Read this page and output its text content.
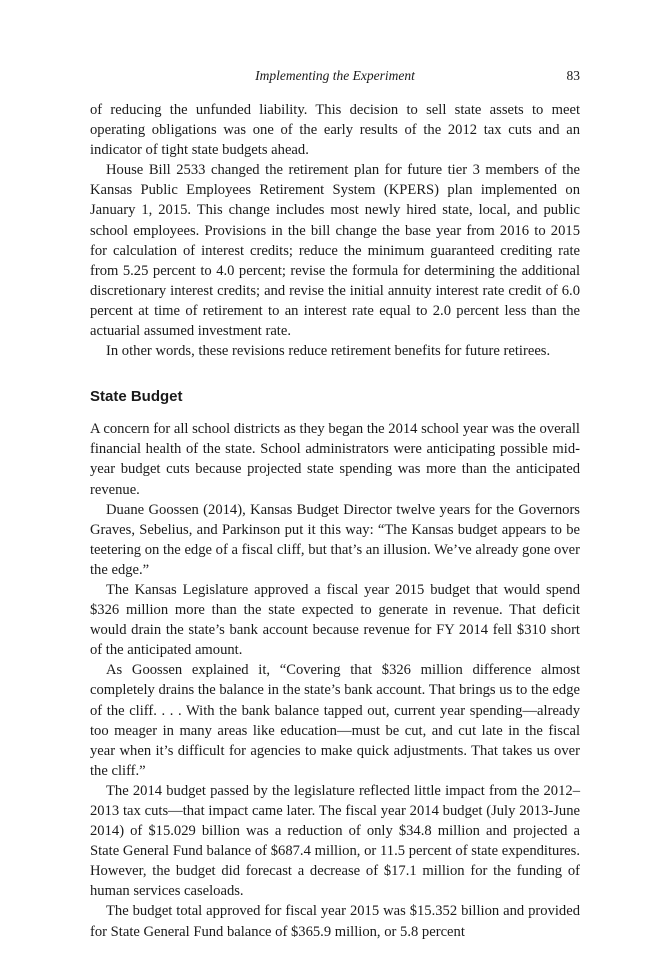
Implementing the Experiment	83

of reducing the unfunded liability. This decision to sell state assets to meet operating obligations was one of the early results of the 2012 tax cuts and an indicator of tight state budgets ahead.

House Bill 2533 changed the retirement plan for future tier 3 members of the Kansas Public Employees Retirement System (KPERS) plan implemented on January 1, 2015. This change includes most newly hired state, local, and public school employees. Provisions in the bill change the base year from 2016 to 2015 for calculation of interest credits; reduce the minimum guaranteed crediting rate from 5.25 percent to 4.0 percent; revise the formula for determining the additional discretionary interest credits; and revise the initial annuity interest rate credit of 6.0 percent at time of retirement to an interest rate equal to 2.0 percent less than the actuarial assumed investment rate.

In other words, these revisions reduce retirement benefits for future retirees.

State Budget

A concern for all school districts as they began the 2014 school year was the overall financial health of the state. School administrators were anticipating possible mid-year budget cuts because projected state spending was more than the anticipated revenue.

Duane Goossen (2014), Kansas Budget Director twelve years for the Governors Graves, Sebelius, and Parkinson put it this way: “The Kansas budget appears to be teetering on the edge of a fiscal cliff, but that’s an illusion. We’ve already gone over the edge.”

The Kansas Legislature approved a fiscal year 2015 budget that would spend $326 million more than the state expected to generate in revenue. That deficit would drain the state’s bank account because revenue for FY 2014 fell $310 short of the anticipated amount.

As Goossen explained it, “Covering that $326 million difference almost completely drains the balance in the state’s bank account. That brings us to the edge of the cliff. . . . With the bank balance tapped out, current year spending—already too meager in many areas like education—must be cut, and cut late in the fiscal year when it’s difficult for agencies to make quick adjustments. That takes us over the cliff.”

The 2014 budget passed by the legislature reflected little impact from the 2012–2013 tax cuts—that impact came later. The fiscal year 2014 budget (July 2013-June 2014) of $15.029 billion was a reduction of only $34.8 million and projected a State General Fund balance of $687.4 million, or 11.5 percent of state expenditures. However, the budget did forecast a decrease of $17.1 million for the funding of human services caseloads.

The budget total approved for fiscal year 2015 was $15.352 billion and provided for State General Fund balance of $365.9 million, or 5.8 percent
